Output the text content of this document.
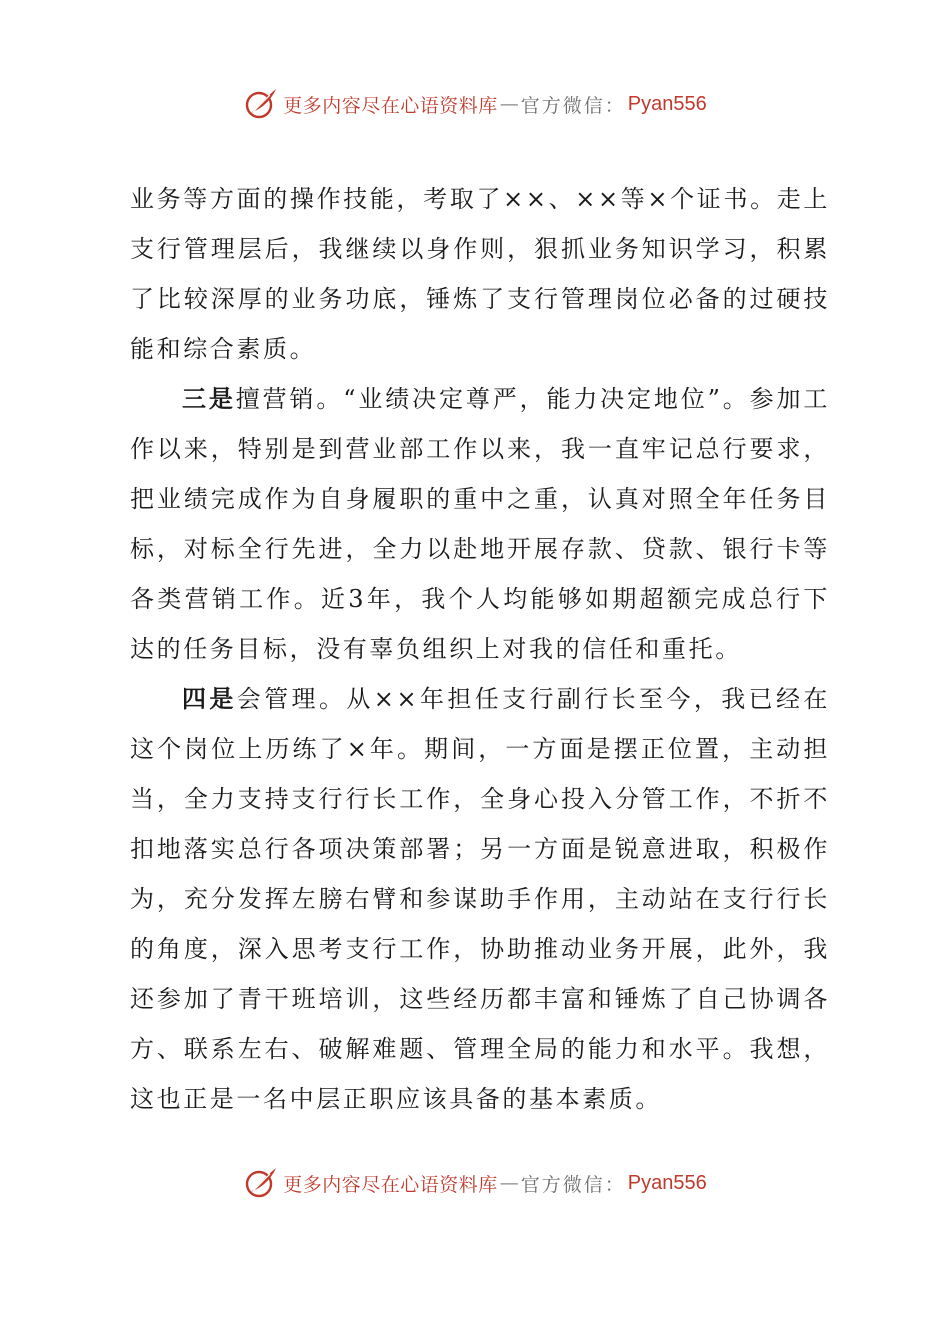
更多内容尽在心语资料库 — 官方微信： Pyan556

业务等方面的操作技能，考取了××、××等×个证书。走上支行管理层后，我继续以身作则，狠抓业务知识学习，积累了比较深厚的业务功底，锤炼了支行管理岗位必备的过硬技能和综合素质。

三是擅营销。“业绩决定尊严，能力决定地位”。参加工作以来，特别是到营业部工作以来，我一直牢记总行要求，把业绩完成作为自身履职的重中之重，认真对照全年任务目标，对标全行先进，全力以赴地开展存款、贷款、银行卡等各类营销工作。近3年，我个人均能够如期超额完成总行下达的任务目标，没有辜负组织上对我的信任和重托。

四是会管理。从××年担任支行副行长至今，我已经在这个岗位上历练了×年。期间，一方面是摆正位置，主动担当，全力支持支行行长工作，全身心投入分管工作，不折不扣地落实总行各项决策部署；另一方面是锐意进取，积极作为，充分发挥左膀右臂和参谋助手作用，主动站在支行行长的角度，深入思考支行工作，协助推动业务开展，此外，我还参加了青干班培训，这些经历都丰富和锤炼了自己协调各方、联系左右、破解难题、管理全局的能力和水平。我想，这也正是一名中层正职应该具备的基本素质。

更多内容尽在心语资料库 — 官方微信： Pyan556
